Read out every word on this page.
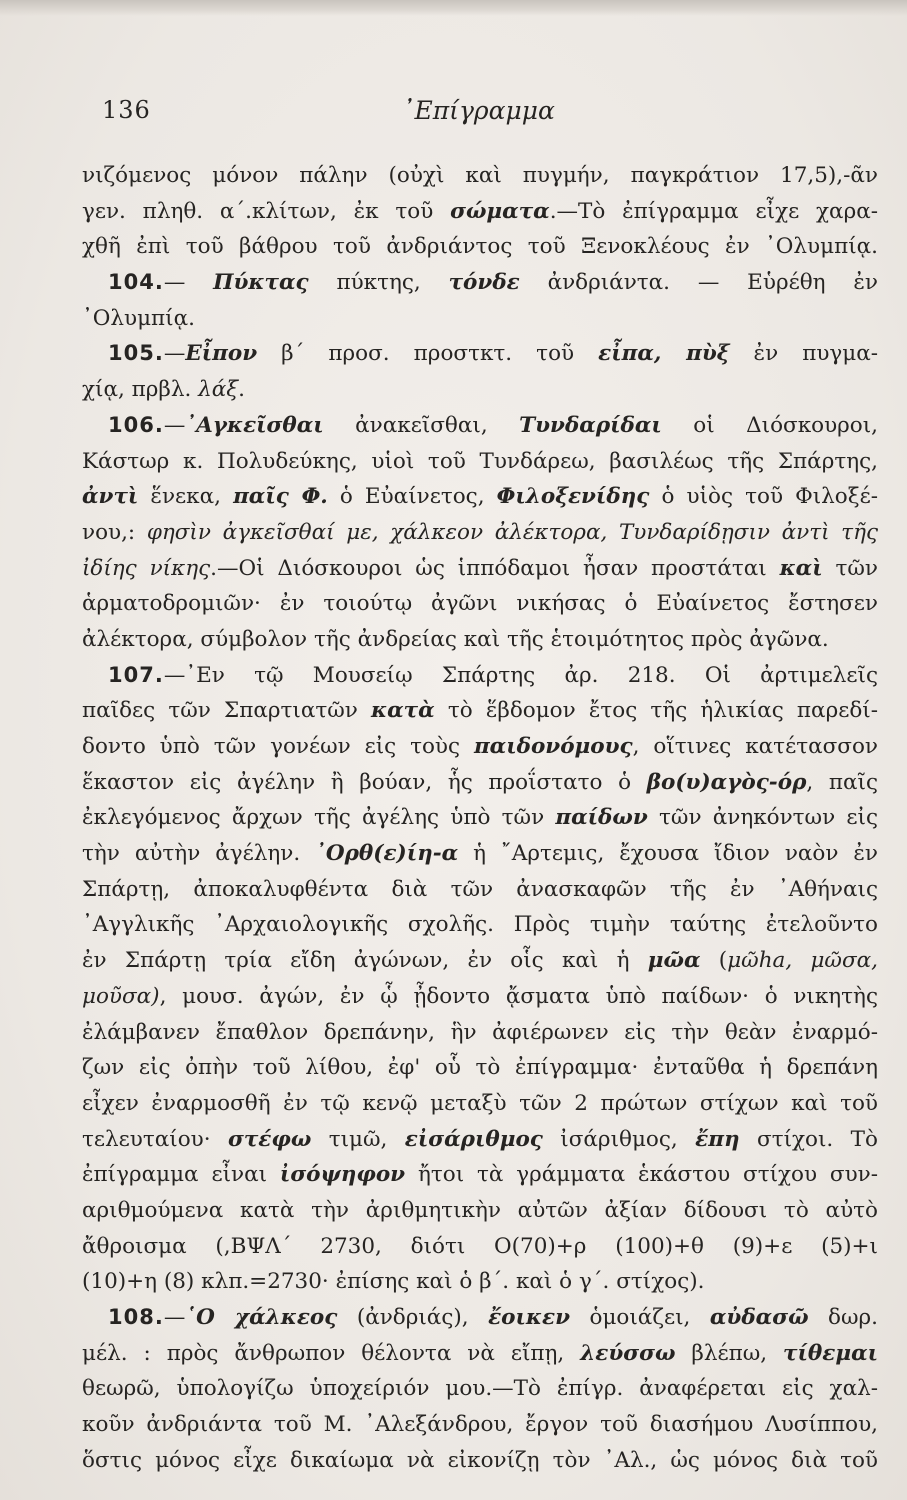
136	᾿Επίγραμμα
νιζόμενος μόνον πάλην (οὐχὶ καὶ πυγμήν, παγκράτιον 17,5),-ᾶν
γεν. πληθ. α΄.κλίτων, ἐκ τοῦ σώματα.—Τὸ ἐπίγραμμα εἶχε χαρα-
χθῆ ἐπὶ τοῦ βάθρου τοῦ ἀνδριάντος τοῦ Ξενοκλέους ἐν ᾿Ολυμπίᾳ.
104.— Πύκτας πύκτης, τόνδε ἀνδριάντα. — Εὑρέθη ἐν
᾿Ολυμπίᾳ.
105.—Εἶπον β΄ προσ. προστκτ. τοῦ εἶπα, πὺξ ἐν πυγμα-
χίᾳ, πρβλ. λάξ.
106.—᾿Αγκεῖσθαι ἀνακεῖσθαι, Τυνδαρίδαι οἱ Διόσκουροι,
Κάστωρ κ. Πολυδεύκης, υἱοὶ τοῦ Τυνδάρεω, βασιλέως τῆς Σπάρτης,
ἀντὶ ἕνεκα, παῖς Φ. ὁ Εὐαίνετος, Φιλοξενίδης ὁ υἱὸς τοῦ Φιλοξέ-
νου,: φησὶν ἀγκεῖσθαί με, χάλκεον ἀλέκτορα, Τυνδαρίδῃσιν ἀντὶ τῆς
ἰδίης νίκης.—Οἱ Διόσκουροι ὡς ἱππόδαμοι ἦσαν προστάται καὶ τῶν
ἁρματοδρομιῶν· ἐν τοιούτῳ ἀγῶνι νικήσας ὁ Εὐαίνετος ἔστησεν
ἀλέκτορα, σύμβολον τῆς ἀνδρείας καὶ τῆς ἑτοιμότητος πρὸς ἀγῶνα.
107.—᾿Εν τῷ Μουσείῳ Σπάρτης ἀρ. 218. Οἱ ἀρτιμελεῖς
παῖδες τῶν Σπαρτιατῶν κατὰ τὸ ἕβδομον ἔτος τῆς ἡλικίας παρεδί-
δοντο ὑπὸ τῶν γονέων εἰς τοὺς παιδονόμους, οἵτινες κατέτασσον
ἕκαστον εἰς ἀγέλην ἢ βούαν, ἧς προΐστατο ὁ βο(υ)αγὸς-όρ, παῖς
ἐκλεγόμενος ἄρχων τῆς ἀγέλης ὑπὸ τῶν παίδων τῶν ἀνηκόντων εἰς
τὴν αὐτὴν ἀγέλην. ᾿Ορθ(ε)ίη-α ἡ ῎Αρτεμις, ἔχουσα ἴδιον ναὸν ἐν
Σπάρτῃ, ἀποκαλυφθέντα διὰ τῶν ἀνασκαφῶν τῆς ἐν ᾿Αθήναις
᾿Αγγλικῆς ᾿Αρχαιολογικῆς σχολῆς. Πρὸς τιμὴν ταύτης ἐτελοῦντο
ἐν Σπάρτῃ τρία εἴδη ἀγώνων, ἐν οἷς καὶ ἡ μῶα (μῶha, μῶσα,
μοῦσα), μουσ. ἀγών, ἐν ᾧ ᾖδοντο ᾄσματα ὑπὸ παίδων· ὁ νικητὴς
ἐλάμβανεν ἔπαθλον δρεπάνην, ἣν ἀφιέρωνεν εἰς τὴν θεὰν ἐναρμό-
ζων εἰς ὀπὴν τοῦ λίθου, ἐφ' οὗ τὸ ἐπίγραμμα· ἐνταῦθα ἡ δρεπάνη
εἶχεν ἐναρμοσθῆ ἐν τῷ κενῷ μεταξὺ τῶν 2 πρώτων στίχων καὶ τοῦ
τελευταίου· στέφω τιμῶ, εἰσάριθμος ἰσάριθμος, ἔπη στίχοι. Τὸ
ἐπίγραμμα εἶναι ἰσόψηφον ἤτοι τὰ γράμματα ἑκάστου στίχου συν-
αριθμούμενα κατὰ τὴν ἀριθμητικὴν αὐτῶν ἀξίαν δίδουσι τὸ αὐτὸ
ἄθροισμα (,ΒΨΛ΄ 2730, διότι Ο(70)+ρ (100)+θ (9)+ε (5)+ι
(10)+η (8) κλπ.=2730· ἐπίσης καὶ ὁ β΄. καὶ ὁ γ΄. στίχος).
108.—῾Ο χάλκεος (ἀνδριάς), ἔοικεν ὁμοιάζει, αὐδασῶ δωρ.
μέλ. : πρὸς ἄνθρωπον θέλοντα νὰ εἴπῃ, λεύσσω βλέπω, τίθεμαι
θεωρῶ, ὑπολογίζω ὑποχείριόν μου.—Τὸ ἐπίγρ. ἀναφέρεται εἰς χαλ-
κοῦν ἀνδριάντα τοῦ Μ. ᾿Αλεξάνδρου, ἔργον τοῦ διασήμου Λυσίππου,
ὅστις μόνος εἶχε δικαίωμα νὰ εἰκονίζῃ τὸν ᾿Αλ., ὡς μόνος διὰ τοῦ
